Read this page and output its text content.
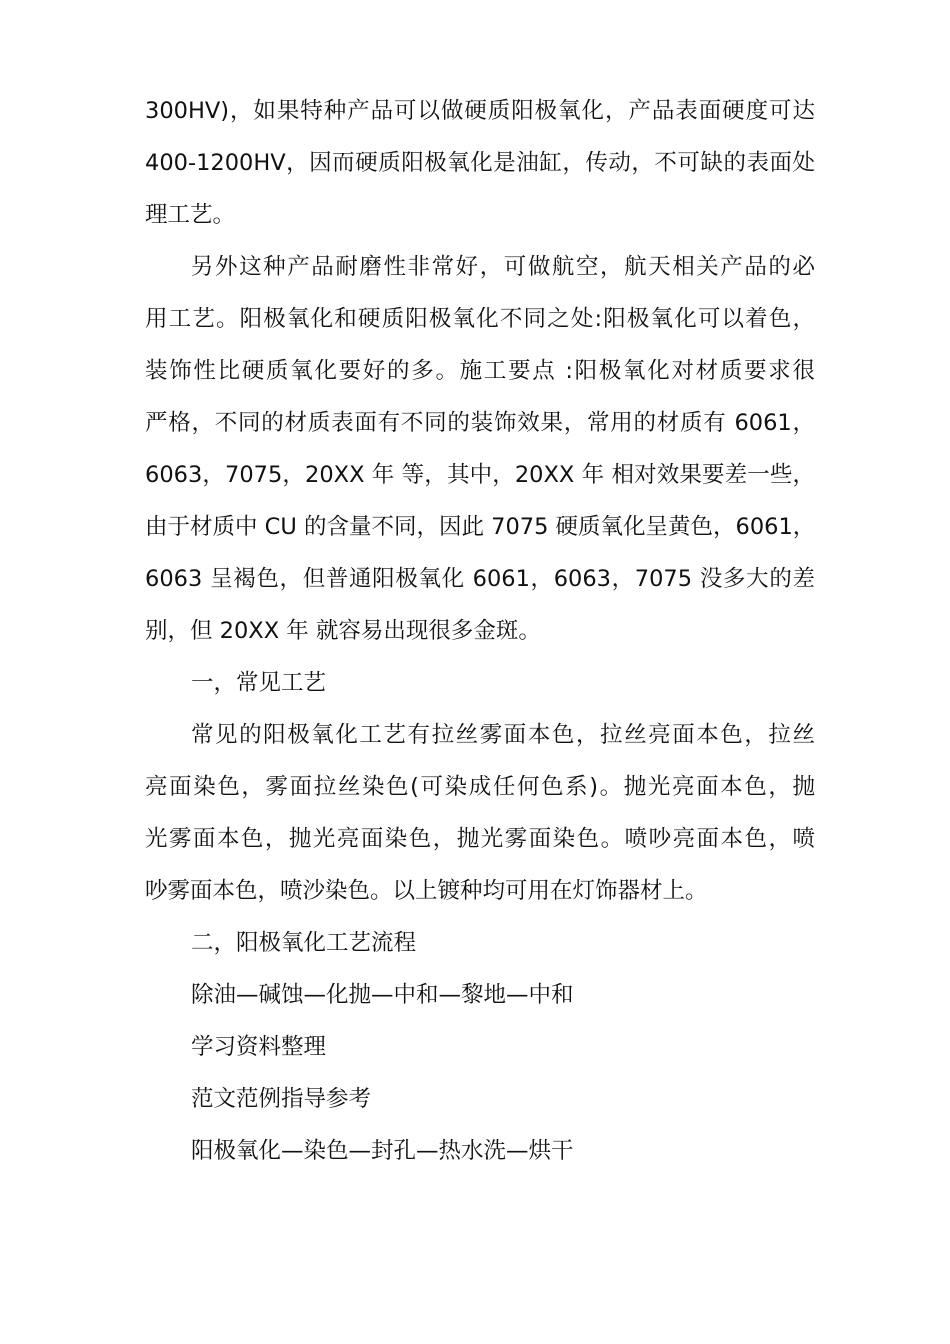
300HV)，如果特种产品可以做硬质阳极氧化，产品表面硬度可达
400-1200HV，因而硬质阳极氧化是油缸，传动，不可缺的表面处
理工艺。
另外这种产品耐磨性非常好，可做航空，航天相关产品的必
用工艺。阳极氧化和硬质阳极氧化不同之处:阳极氧化可以着色，
装饰性比硬质氧化要好的多。施工要点 :阳极氧化对材质要求很
严格，不同的材质表面有不同的装饰效果，常用的材质有 6061，
6063，7075，20XX 年 等，其中，20XX 年 相对效果要差一些，
由于材质中 CU 的含量不同，因此 7075 硬质氧化呈黄色，6061，
6063 呈褐色，但普通阳极氧化 6061，6063，7075 没多大的差
别，但 20XX 年 就容易出现很多金斑。
一，常见工艺
常见的阳极氧化工艺有拉丝雾面本色，拉丝亮面本色，拉丝
亮面染色，雾面拉丝染色(可染成任何色系)。抛光亮面本色，抛
光雾面本色，抛光亮面染色，抛光雾面染色。喷吵亮面本色，喷
吵雾面本色，喷沙染色。以上镀种均可用在灯饰器材上。
二，阳极氧化工艺流程
除油—碱蚀—化抛—中和—黎地—中和
学习资料整理
范文范例指导参考
阳极氧化—染色—封孔—热水洗—烘干
